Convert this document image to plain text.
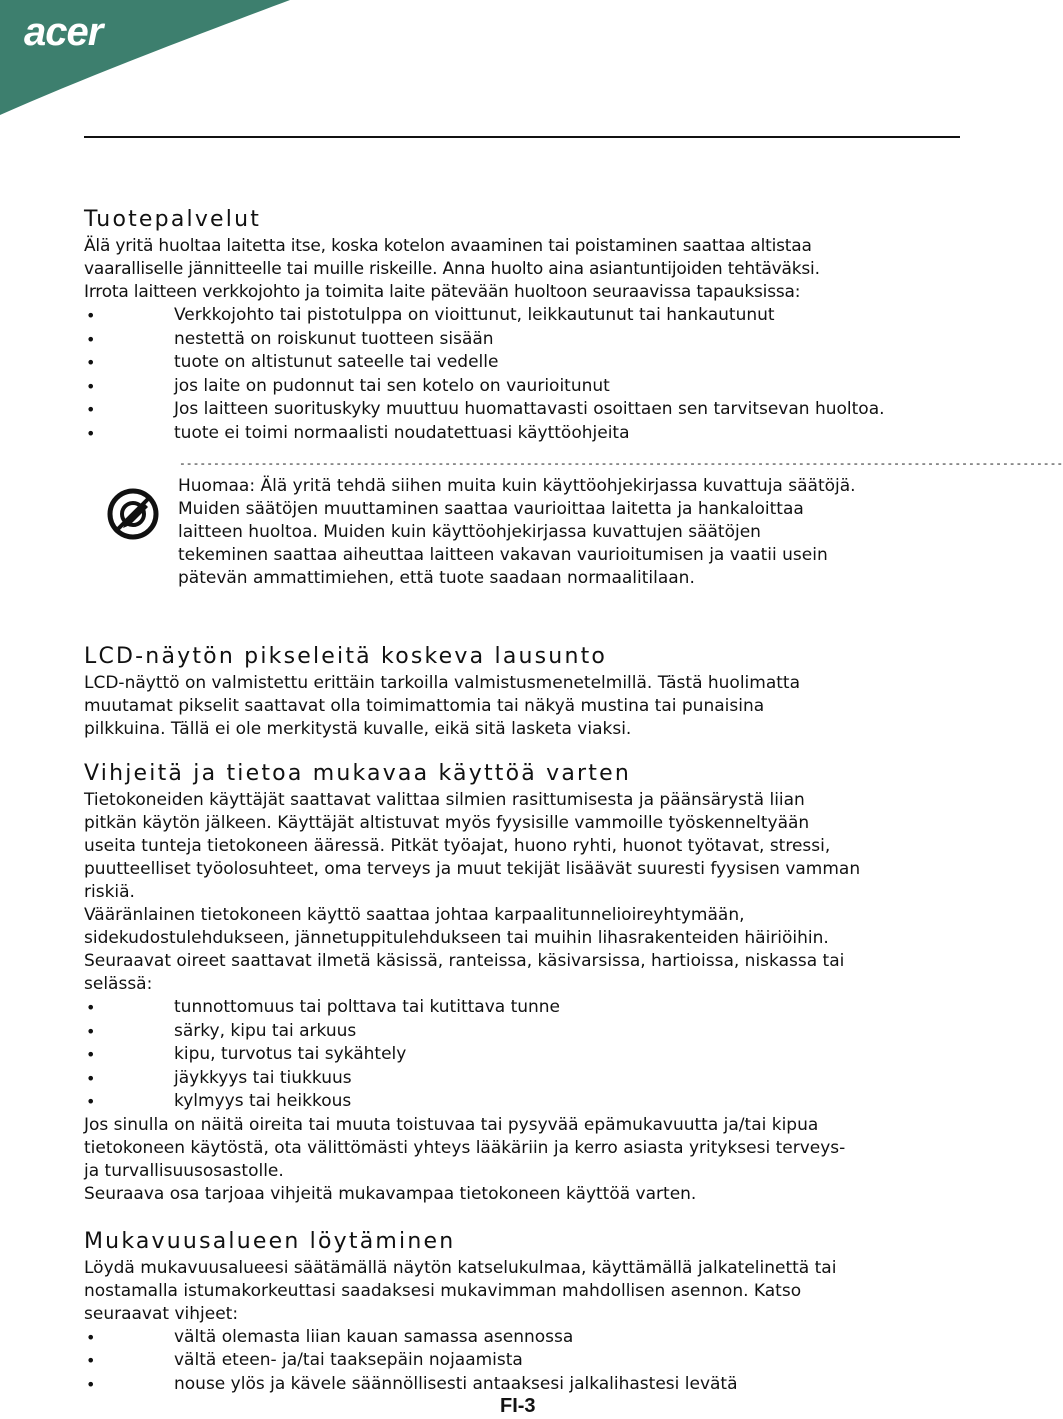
acer
Tuotepalvelut

Älä yritä huoltaa laitetta itse, koska kotelon avaaminen tai poistaminen saattaa altistaa

vaaralliselle jännitteelle tai muille riskeille. Anna huolto aina asiantuntijoiden tehtäväksi.

Irrota laitteen verkkojohto ja toimita laite pätevään huoltoon seuraavissa tapauksissa:

• Verkkojohto tai pistotulppa on vioittunut, leikkautunut tai hankautunut
• nestettä on roiskunut tuotteen sisään
• tuote on altistunut sateelle tai vedelle
• jos laite on pudonnut tai sen kotelo on vaurioitunut
• Jos laitteen suorituskyky muuttuu huomattavasti osoittaen sen tarvitsevan huoltoa.
• tuote ei toimi normaalisti noudatettuasi käyttöohjeita
----------------------------------------------------------------------------------------------------------------------------------

Huomaa: Älä yritä tehdä siihen muita kuin käyttöohjekirjassa kuvattuja säätöjä.

Muiden säätöjen muuttaminen saattaa vaurioittaa laitetta ja hankaloittaa

laitteen huoltoa. Muiden kuin käyttöohjekirjassa kuvattujen säätöjen

tekeminen saattaa aiheuttaa laitteen vakavan vaurioitumisen ja vaatii usein

pätevän ammattimiehen, että tuote saadaan normaalitilaan.

LCD-näytön pikseleitä koskeva lausunto

LCD-näyttö on valmistettu erittäin tarkoilla valmistusmenetelmillä. Tästä huolimatta

muutamat pikselit saattavat olla toimimattomia tai näkyä mustina tai punaisina

pilkkuina. Tällä ei ole merkitystä kuvalle, eikä sitä lasketa viaksi.

Vihjeitä ja tietoa mukavaa käyttöä varten

Tietokoneiden käyttäjät saattavat valittaa silmien rasittumisesta ja päänsärystä liian

pitkän käytön jälkeen. Käyttäjät altistuvat myös fyysisille vammoille työskenneltyään

useita tunteja tietokoneen ääressä. Pitkät työajat, huono ryhti, huonot työtavat, stressi,

puutteelliset työolosuhteet, oma terveys ja muut tekijät lisäävät suuresti fyysisen vamman

riskiä.

Vääränlainen tietokoneen käyttö saattaa johtaa karpaalitunnelioireyhtymään,

sidekudostulehdukseen, jännetuppitulehdukseen tai muihin lihasrakenteiden häiriöihin.

Seuraavat oireet saattavat ilmetä käsissä, ranteissa, käsivarsissa, hartioissa, niskassa tai

selässä:

• tunnottomuus tai polttava tai kutittava tunne
• särky, kipu tai arkuus
• kipu, turvotus tai sykähtely
• jäykkyys tai tiukkuus
• kylmyys tai heikkous

Jos sinulla on näitä oireita tai muuta toistuvaa tai pysyvää epämukavuutta ja/tai kipua

tietokoneen käytöstä, ota välittömästi yhteys lääkäriin ja kerro asiasta yrityksesi terveys-

ja turvallisuusosastolle.

Seuraava osa tarjoaa vihjeitä mukavampaa tietokoneen käyttöä varten.

Mukavuusalueen löytäminen

Löydä mukavuusalueesi säätämällä näytön katselukulmaa, käyttämällä jalkatelinettä tai

nostamalla istumakorkeuttasi saadaksesi mukavimman mahdollisen asennon. Katso

seuraavat vihjeet:

• vältä olemasta liian kauan samassa asennossa
• vältä eteen- ja/tai taaksepäin nojaamista
• nouse ylös ja kävele säännöllisesti antaaksesi jalkalihastesi levätä
FI-3
